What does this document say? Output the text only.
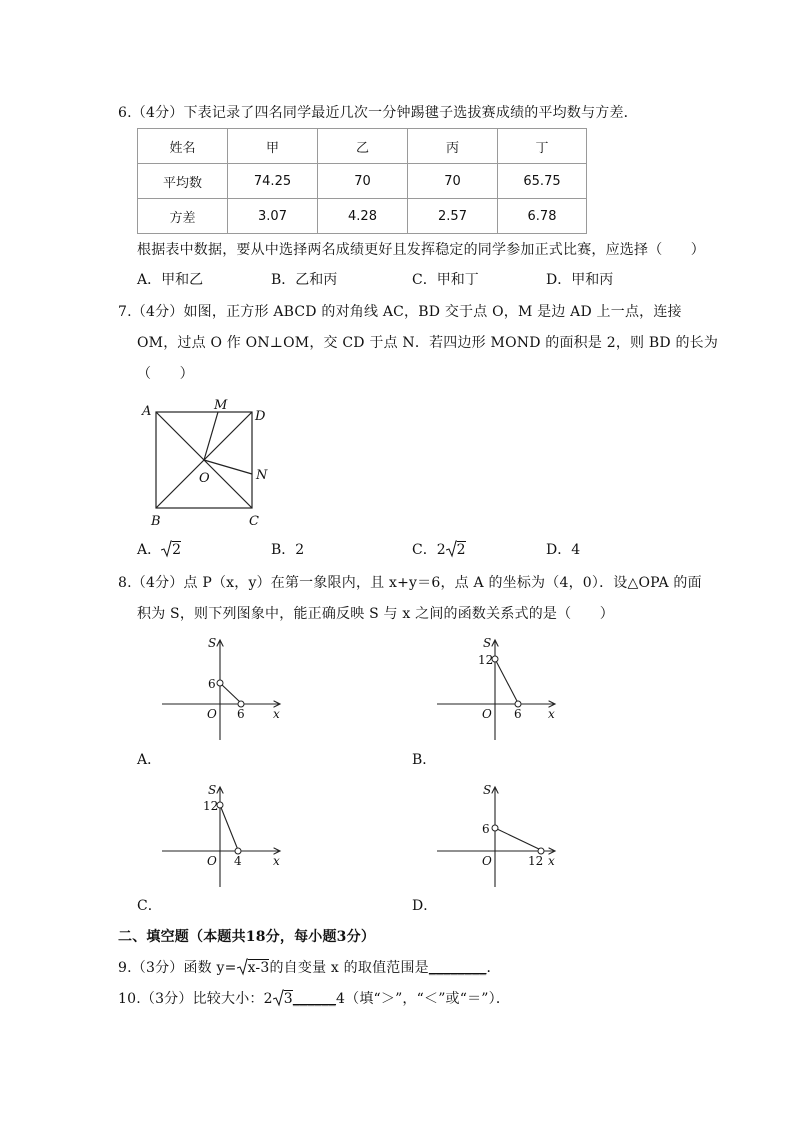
6.（4分）下表记录了四名同学最近几次一分钟踢毽子选拔赛成绩的平均数与方差．
姓名	甲	乙	丙	丁
平均数	74.25	70	70	65.75
方差	3.07	4.28	2.57	6.78
根据表中数据，要从中选择两名成绩更好且发挥稳定的同学参加正式比赛，应选择（　　）
A．甲和乙	B．乙和丙	C．甲和丁	D．甲和丙
7.（4分）如图，正方形 ABCD 的对角线 AC，BD 交于点 O，M 是边 AD 上一点，连接
OM，过点 O 作 ON⊥OM，交 CD 于点 N．若四边形 MOND 的面积是 2，则 BD 的长为
（　　）
A	M
D
N
O
B	C
A． 2	B．2	C．2 2	D．4
8.（4分）点 P（x，y）在第一象限内，且 x+y＝6，点 A 的坐标为（4，0）．设△OPA 的面
积为 S，则下列图象中，能正确反映 S 与 x 之间的函数关系式的是（　　）
S
6
O 6 x
A．
S
12
O 6 x
B．
S
12
O 4	x
C．
S
6
O	12 x
D．
二、填空题（本题共18分，每小题3分）
9.（3分）函数 y= x-3的自变量 x 的取值范围是________．
10.（3分）比较大小：2 3______4（填“＞”，“＜”或“＝”）．
